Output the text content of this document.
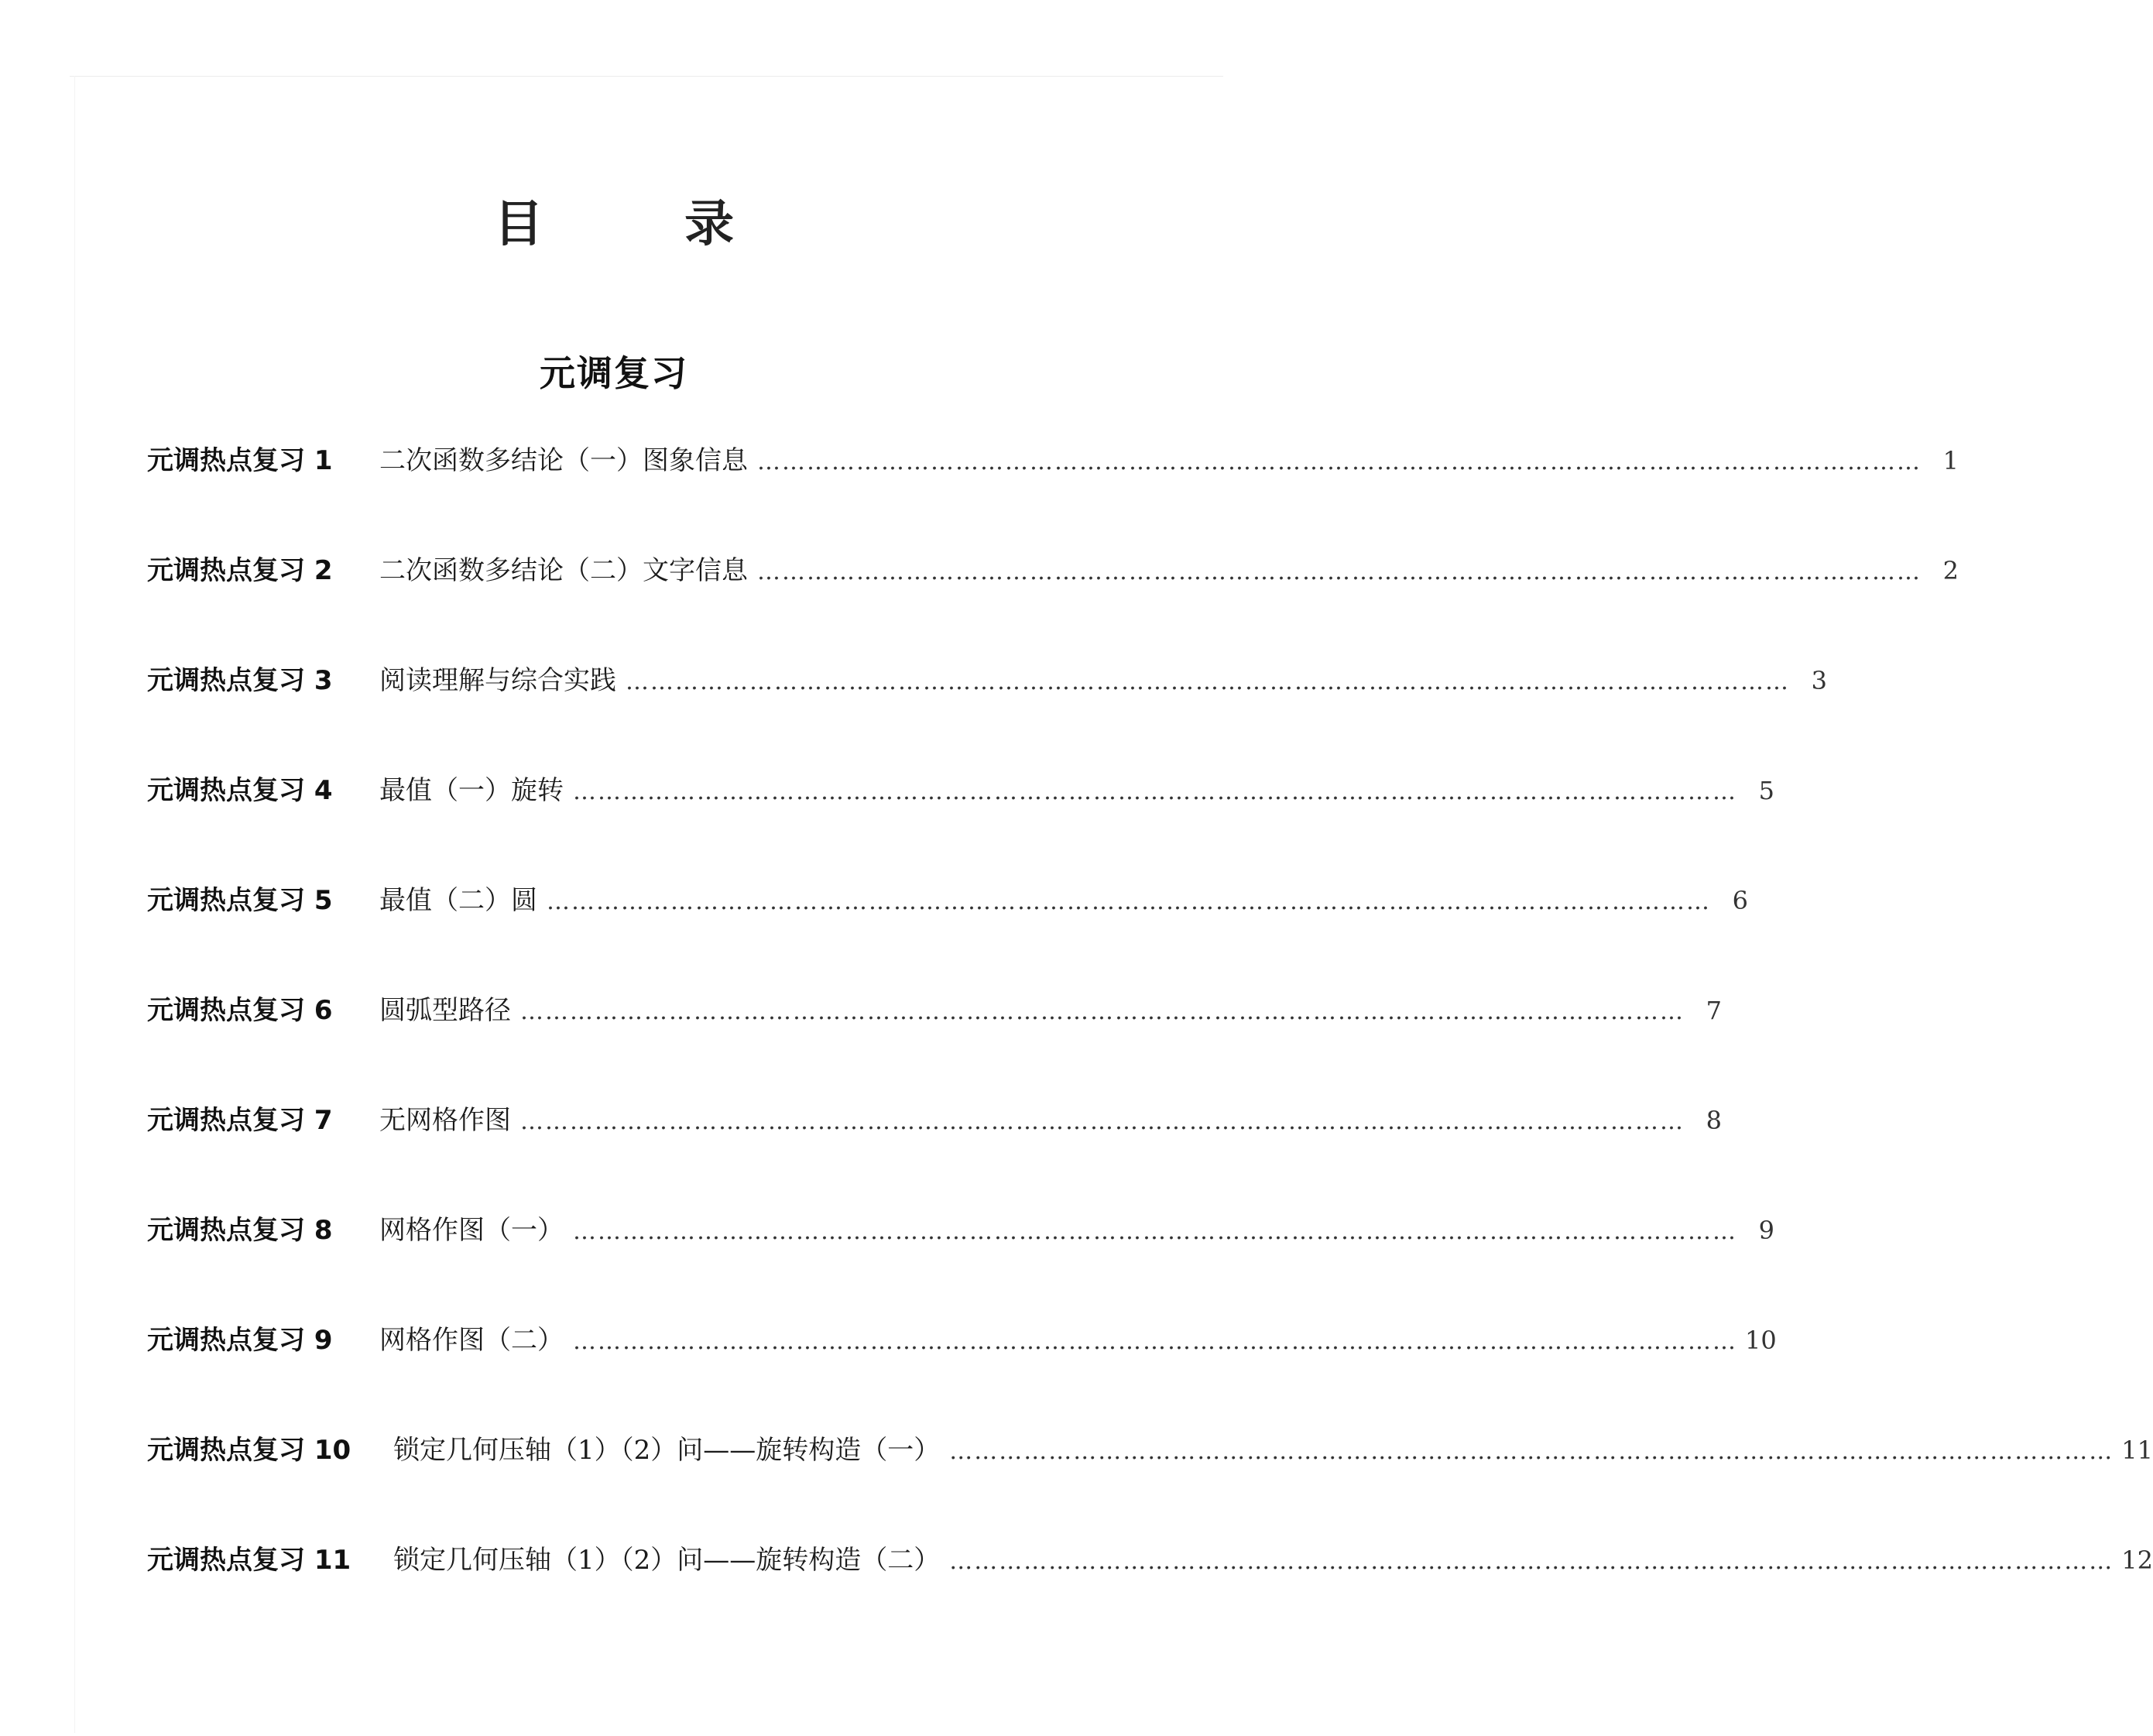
目 录
元调复习
元调热点复习 1	二次函数多结论（一）图象信息 …………………………………………………………………………………………………………………………… 1
元调热点复习 2	二次函数多结论（二）文字信息 …………………………………………………………………………………………………………………………… 2
元调热点复习 3	阅读理解与综合实践 …………………………………………………………………………………………………………………………… 3
元调热点复习 4	最值（一）旋转 …………………………………………………………………………………………………………………………… 5
元调热点复习 5	最值（二）圆 …………………………………………………………………………………………………………………………… 6
元调热点复习 6	圆弧型路径 …………………………………………………………………………………………………………………………… 7
元调热点复习 7	无网格作图 …………………………………………………………………………………………………………………………… 8
元调热点复习 8	网格作图（一） …………………………………………………………………………………………………………………………… 9
元调热点复习 9	网格作图（二） …………………………………………………………………………………………………………………………… 10
元调热点复习 10	锁定几何压轴（1）（2）问——旋转构造（一） …………………………………………………………………………………………………………………………… 11
元调热点复习 11	锁定几何压轴（1）（2）问——旋转构造（二） …………………………………………………………………………………………………………………………… 12
